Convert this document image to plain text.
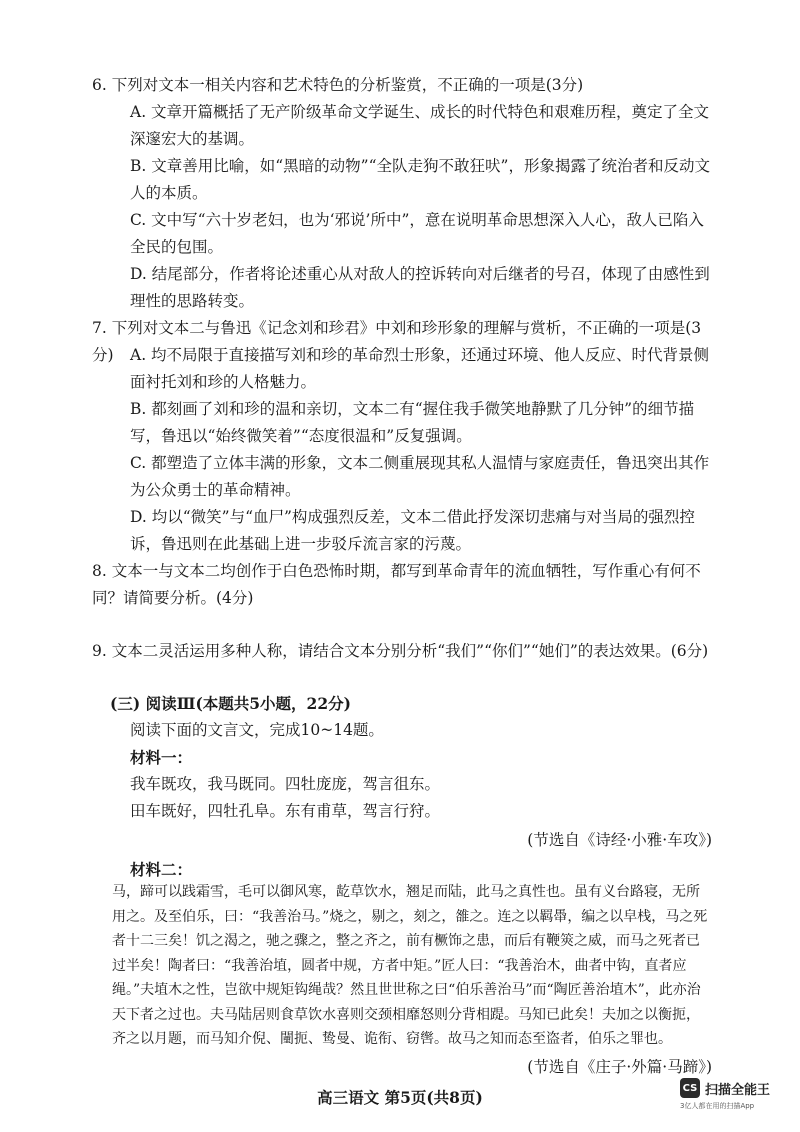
6. 下列对文本一相关内容和艺术特色的分析鉴赏，不正确的一项是(3分)

A. 文章开篇概括了无产阶级革命文学诞生、成长的时代特色和艰难历程，奠定了全文深邃宏大的基调。

B. 文章善用比喻，如“黑暗的动物”“全队走狗不敢狂吠”，形象揭露了统治者和反动文人的本质。

C. 文中写“六十岁老妇，也为‘邪说’所中”，意在说明革命思想深入人心，敌人已陷入全民的包围。

D. 结尾部分，作者将论述重心从对敌人的控诉转向对后继者的号召，体现了由感性到理性的思路转变。

7. 下列对文本二与鲁迅《记念刘和珍君》中刘和珍形象的理解与赏析，不正确的一项是(3分)	A. 均不局限于直接描写刘和珍的革命烈士形象，还通过环境、他人反应、时代背景侧面衬托刘和珍的人格魅力。

B. 都刻画了刘和珍的温和亲切，文本二有“握住我手微笑地静默了几分钟”的细节描写，鲁迅以“始终微笑着”“态度很温和”反复强调。

C. 都塑造了立体丰满的形象，文本二侧重展现其私人温情与家庭责任，鲁迅突出其作为公众勇士的革命精神。

D. 均以“微笑”与“血尸”构成强烈反差，文本二借此抒发深切悲痛与对当局的强烈控诉，鲁迅则在此基础上进一步驳斥流言家的污蔑。

8. 文本一与文本二均创作于白色恐怖时期，都写到革命青年的流血牺牲，写作重心有何不同？请简要分析。(4分)

9. 文本二灵活运用多种人称，请结合文本分别分析“我们”“你们”“她们”的表达效果。(6分)

(三) 阅读Ⅲ(本题共5小题，22分)
阅读下面的文言文，完成10~14题。
材料一：
我车既攻，我马既同。四牡庞庞，驾言徂东。
田车既好，四牡孔阜。东有甫草，驾言行狩。
(节选自《诗经·小雅·车攻》)
材料二：

马，蹄可以践霜雪，毛可以御风寒，龁草饮水，翘足而陆，此马之真性也。虽有义台路寝，无所用之。及至伯乐，曰：“我善治马。”烧之，剔之，刻之，雒之。连之以羁馽，编之以皁栈，马之死者十二三矣！饥之渴之，驰之骤之，整之齐之，前有橛饰之患，而后有鞭筴之威，而马之死者已过半矣！陶者曰：“我善治埴，圆者中规，方者中矩。”匠人曰：“我善治木，曲者中钩，直者应绳。”夫埴木之性，岂欲中规矩钩绳哉？然且世世称之曰“伯乐善治马”而“陶匠善治埴木”，此亦治天下者之过也。夫马陆居则食草饮水喜则交颈相靡怒则分背相踶。马知已此矣！夫加之以衡扼，齐之以月题，而马知介倪、闉扼、鸷曼、诡衔、窃辔。故马之知而态至盗者，伯乐之罪也。

(节选自《庄子·外篇·马蹄》)
高三语文 第5页(共8页)	CS 扫描全能王
3亿人都在用的扫描App
